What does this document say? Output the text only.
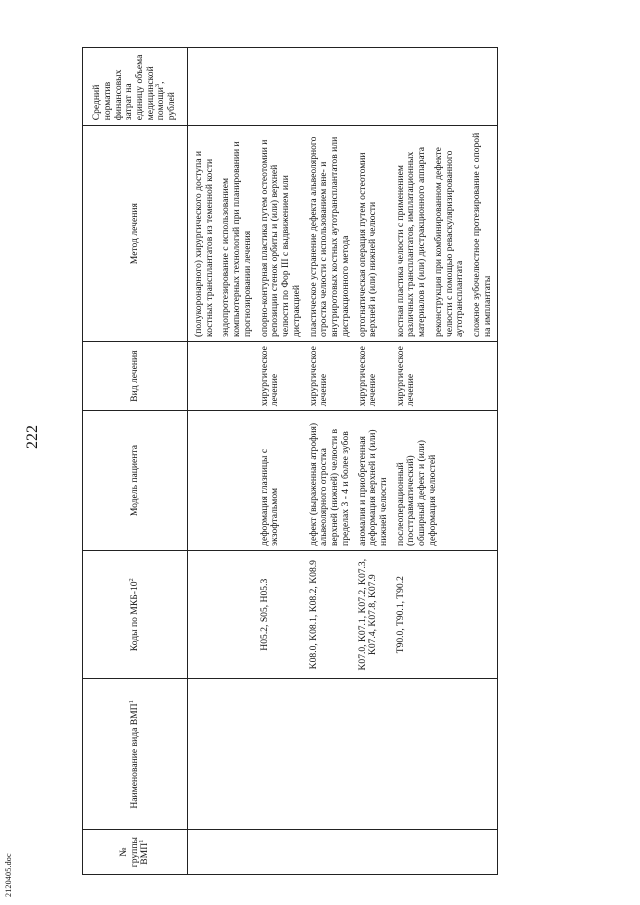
2120405.doc
222
№ группы ВМП$^1$	Наименование вида ВМП$^1$	Коды по МКБ-$10^2$	Модель пациента	Вид лечения	Метод лечения	Средний норматив финансовых затрат на единицу объема медицинской помощи$^3$, рублей

					(полукоронарного) хирургического доступа и костных трансплантатов из теменной кости эндопротезирование с использованием компьютерных технологий при планировании и прогнозировании лечения	

		H05.2, S05, H05.3	деформация глазницы с экзофтальмом	хирургическое лечение	опорно-контурная пластика путем остеотомии и репозиции стенок орбиты и (или) верхней челюсти по Фор III с выдвижением или дистракцией	

		K08.0, K08.1, K08.2, K08.9	дефект (выраженная атрофия) альвеолярного отростка верхней (нижней) челюсти в пределах 3 - 4 и более зубов	хирургическое лечение	пластическое устранение дефекта альвеолярного отростка челюсти с использованием вне- и внутриротовых костных аутотрансплантатов или дистракционного метода	

		K07.0, K07.1, K07.2, K07.3, K07.4, K07.8, K07.9	аномалия и приобретенная деформация верхней и (или) нижней челюсти	хирургическое лечение	ортогнатическая операция путем остеотомии верхней и (или) нижней челюсти	

		T90.0, T90.1, T90.2	послеоперационный (посттравматический) обширный дефект и (или) деформация челюстей	хирургическое лечение	костная пластика челюсти с применением различных трансплантатов, имплатационных материалов и (или) дистракционного аппарата реконструкция при комбинированном дефекте челюсти с помощью реваскуляризированного аутотрансплантата сложное зубочелюстное протезирование с опорой на имплантаты	
